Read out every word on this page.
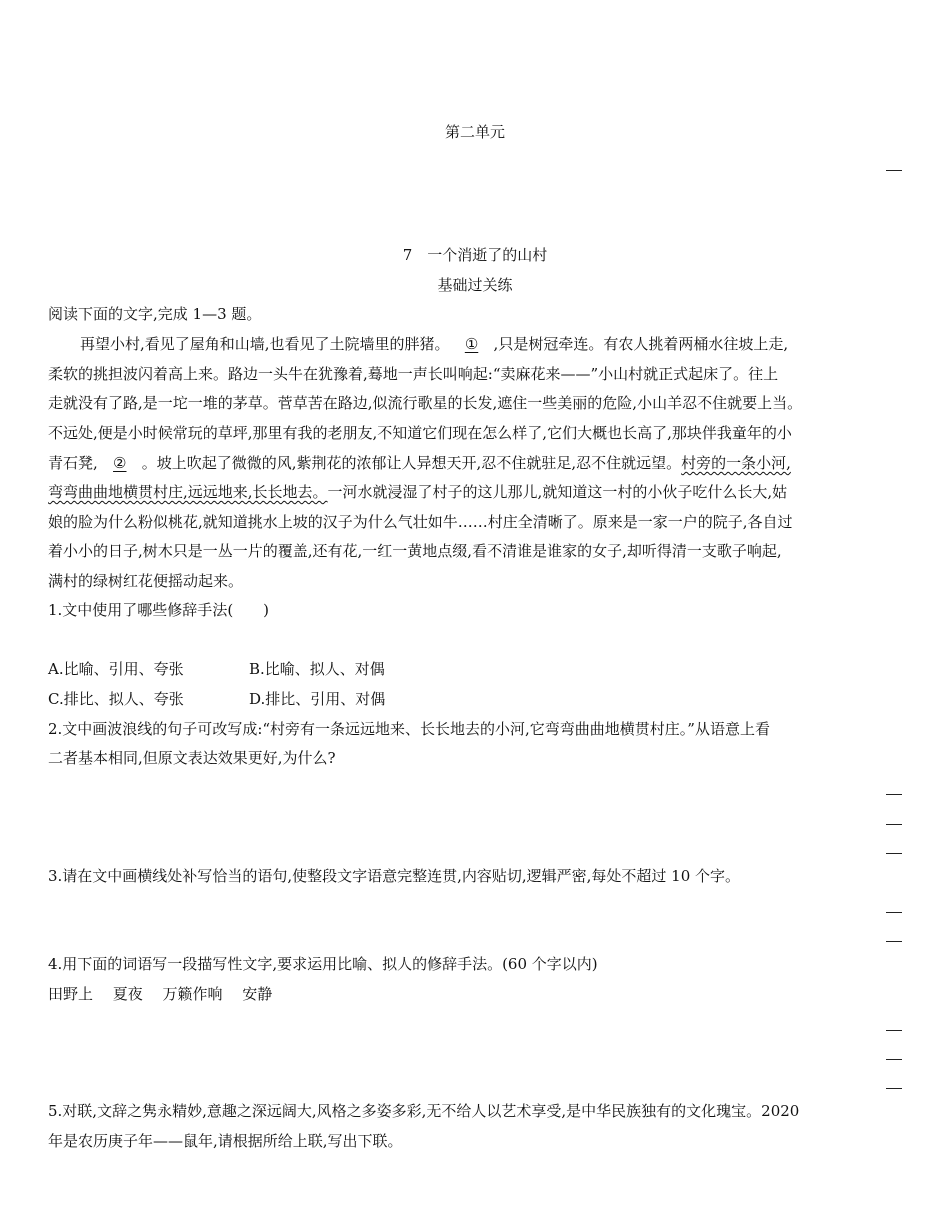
第二单元
7　一个消逝了的山村
基础过关练
阅读下面的文字,完成 1—3 题。
再望小村,看见了屋角和山墙,也看见了土院墙里的胖猪。 ① ,只是树冠牵连。有农人挑着两桶水往坡上走,
柔软的挑担波闪着高上来。路边一头牛在犹豫着,蓦地一声长叫响起:“卖麻花来——”小山村就正式起床了。往上
走就没有了路,是一坨一堆的茅草。菅草苦在路边,似流行歌星的长发,遮住一些美丽的危险,小山羊忍不住就要上当。
不远处,便是小时候常玩的草坪,那里有我的老朋友,不知道它们现在怎么样了,它们大概也长高了,那块伴我童年的小
青石凳, ② 。坡上吹起了微微的风,紫荆花的浓郁让人异想天开,忍不住就驻足,忍不住就远望。村旁的一条小河,
弯弯曲曲地横贯村庄,远远地来,长长地去。一河水就浸湿了村子的这儿那儿,就知道这一村的小伙子吃什么长大,姑
娘的脸为什么粉似桃花,就知道挑水上坡的汉子为什么气壮如牛……村庄全清晰了。原来是一家一户的院子,各自过
着小小的日子,树木只是一丛一片的覆盖,还有花,一红一黄地点缀,看不清谁是谁家的女子,却听得清一支歌子响起,
满村的绿树红花便摇动起来。
1.文中使用了哪些修辞手法(　　)
A.比喻、引用、夸张	B.比喻、拟人、对偶
C.排比、拟人、夸张	D.排比、引用、对偶
2.文中画波浪线的句子可改写成:“村旁有一条远远地来、长长地去的小河,它弯弯曲曲地横贯村庄。”从语意上看
二者基本相同,但原文表达效果更好,为什么?
3.请在文中画横线处补写恰当的语句,使整段文字语意完整连贯,内容贴切,逻辑严密,每处不超过 10 个字。
4.用下面的词语写一段描写性文字,要求运用比喻、拟人的修辞手法。(60 个字以内)
田野上　 夏夜　 万籁作响　 安静
5.对联,文辞之隽永精妙,意趣之深远阔大,风格之多姿多彩,无不给人以艺术享受,是中华民族独有的文化瑰宝。2020
年是农历庚子年——鼠年,请根据所给上联,写出下联。
